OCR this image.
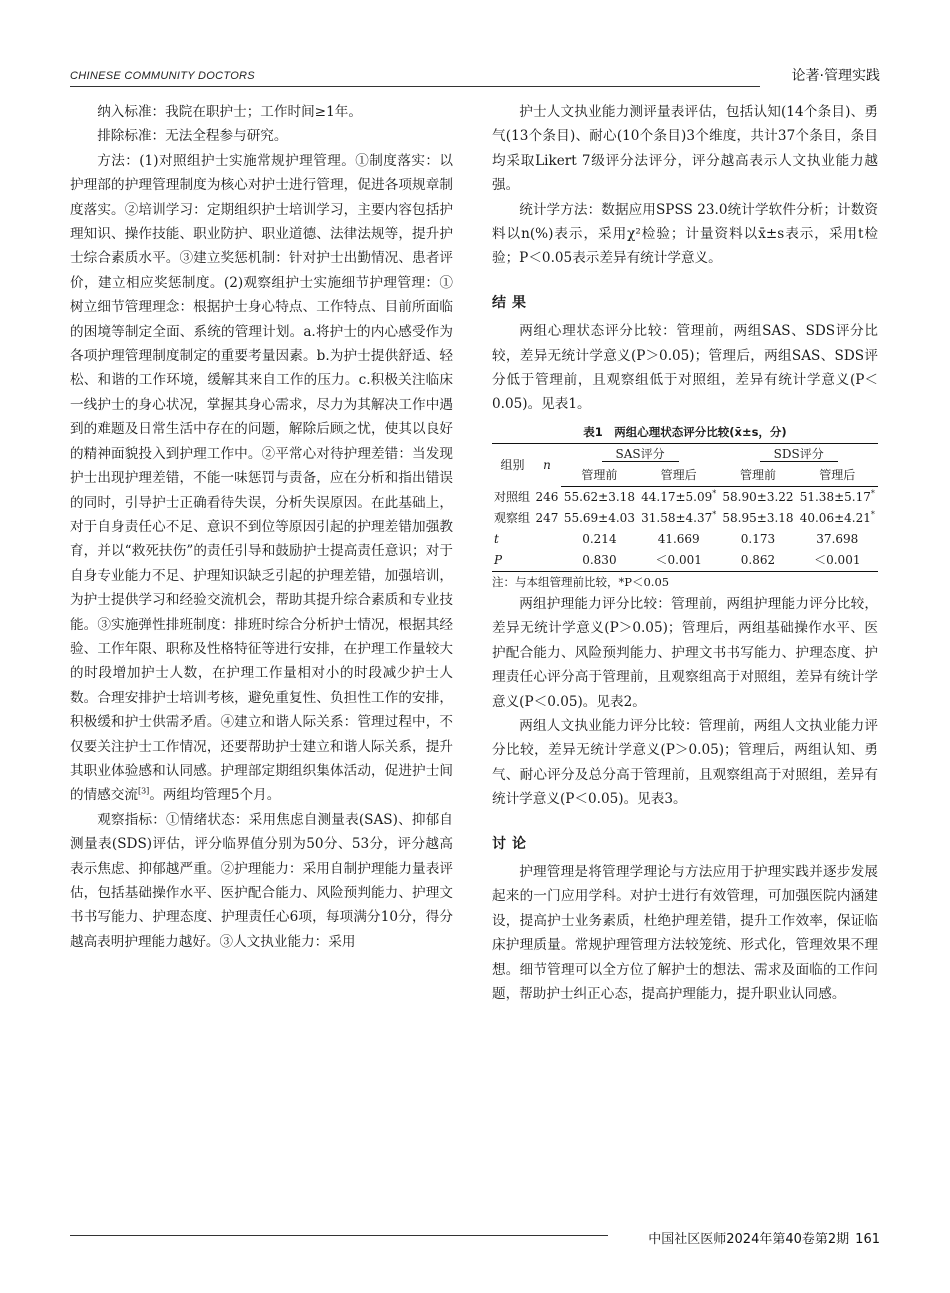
CHINESE COMMUNITY DOCTORS	论著·管理实践

纳入标准：我院在职护士；工作时间≥1年。

排除标准：无法全程参与研究。

方法：(1)对照组护士实施常规护理管理。①制度落实：以护理部的护理管理制度为核心对护士进行管理，促进各项规章制度落实。②培训学习：定期组织护士培训学习，主要内容包括护理知识、操作技能、职业防护、职业道德、法律法规等，提升护士综合素质水平。③建立奖惩机制：针对护士出勤情况、患者评价，建立相应奖惩制度。(2)观察组护士实施细节护理管理：①树立细节管理理念：根据护士身心特点、工作特点、目前所面临的困境等制定全面、系统的管理计划。a.将护士的内心感受作为各项护理管理制度制定的重要考量因素。b.为护士提供舒适、轻松、和谐的工作环境，缓解其来自工作的压力。c.积极关注临床一线护士的身心状况，掌握其身心需求，尽力为其解决工作中遇到的难题及日常生活中存在的问题，解除后顾之忧，使其以良好的精神面貌投入到护理工作中。②平常心对待护理差错：当发现护士出现护理差错，不能一味惩罚与责备，应在分析和指出错误的同时，引导护士正确看待失误，分析失误原因。在此基础上，对于自身责任心不足、意识不到位等原因引起的护理差错加强教育，并以“救死扶伤”的责任引导和鼓励护士提高责任意识；对于自身专业能力不足、护理知识缺乏引起的护理差错，加强培训，为护士提供学习和经验交流机会，帮助其提升综合素质和专业技能。③实施弹性排班制度：排班时综合分析护士情况，根据其经验、工作年限、职称及性格特征等进行安排，在护理工作量较大的时段增加护士人数，在护理工作量相对小的时段减少护士人数。合理安排护士培训考核，避免重复性、负担性工作的安排，积极缓和护士供需矛盾。④建立和谐人际关系：管理过程中，不仅要关注护士工作情况，还要帮助护士建立和谐人际关系，提升其职业体验感和认同感。护理部定期组织集体活动，促进护士间的情感交流[3]。两组均管理5个月。

观察指标：①情绪状态：采用焦虑自测量表(SAS)、抑郁自测量表(SDS)评估，评分临界值分别为50分、53分，评分越高表示焦虑、抑郁越严重。②护理能力：采用自制护理能力量表评估，包括基础操作水平、医护配合能力、风险预判能力、护理文书书写能力、护理态度、护理责任心6项，每项满分10分，得分越高表明护理能力越好。③人文执业能力：采用

护士人文执业能力测评量表评估，包括认知(14个条目)、勇气(13个条目)、耐心(10个条目)3个维度，共计37个条目，条目均采取Likert 7级评分法评分，评分越高表示人文执业能力越强。

统计学方法：数据应用SPSS 23.0统计学软件分析；计数资料以n(%)表示，采用χ²检验；计量资料以x̄±s表示，采用t检验；P＜0.05表示差异有统计学意义。

结果

两组心理状态评分比较：管理前，两组SAS、SDS评分比较，差异无统计学意义(P＞0.05)；管理后，两组SAS、SDS评分低于管理前，且观察组低于对照组，差异有统计学意义(P＜0.05)。见表1。

表1　两组心理状态评分比较(x̄±s，分)
组别	n	SAS评分		SDS评分	
		管理前	管理后	管理前	管理后
对照组	246	55.62±3.18	44.17±5.09*	58.90±3.22	51.38±5.17*
观察组	247	55.69±4.03	31.58±4.37*	58.95±3.18	40.06±4.21*
t		0.214	41.669	0.173	37.698
P		0.830	＜0.001	0.862	＜0.001

注：与本组管理前比较，*P＜0.05

两组护理能力评分比较：管理前，两组护理能力评分比较，差异无统计学意义(P＞0.05)；管理后，两组基础操作水平、医护配合能力、风险预判能力、护理文书书写能力、护理态度、护理责任心评分高于管理前，且观察组高于对照组，差异有统计学意义(P＜0.05)。见表2。

两组人文执业能力评分比较：管理前，两组人文执业能力评分比较，差异无统计学意义(P＞0.05)；管理后，两组认知、勇气、耐心评分及总分高于管理前，且观察组高于对照组，差异有统计学意义(P＜0.05)。见表3。

讨论

护理管理是将管理学理论与方法应用于护理实践并逐步发展起来的一门应用学科。对护士进行有效管理，可加强医院内涵建设，提高护士业务素质，杜绝护理差错，提升工作效率，保证临床护理质量。常规护理管理方法较笼统、形式化，管理效果不理想。细节管理可以全方位了解护士的想法、需求及面临的工作问题，帮助护士纠正心态，提高护理能力，提升职业认同感。

中国社区医师2024年第40卷第2期 161
